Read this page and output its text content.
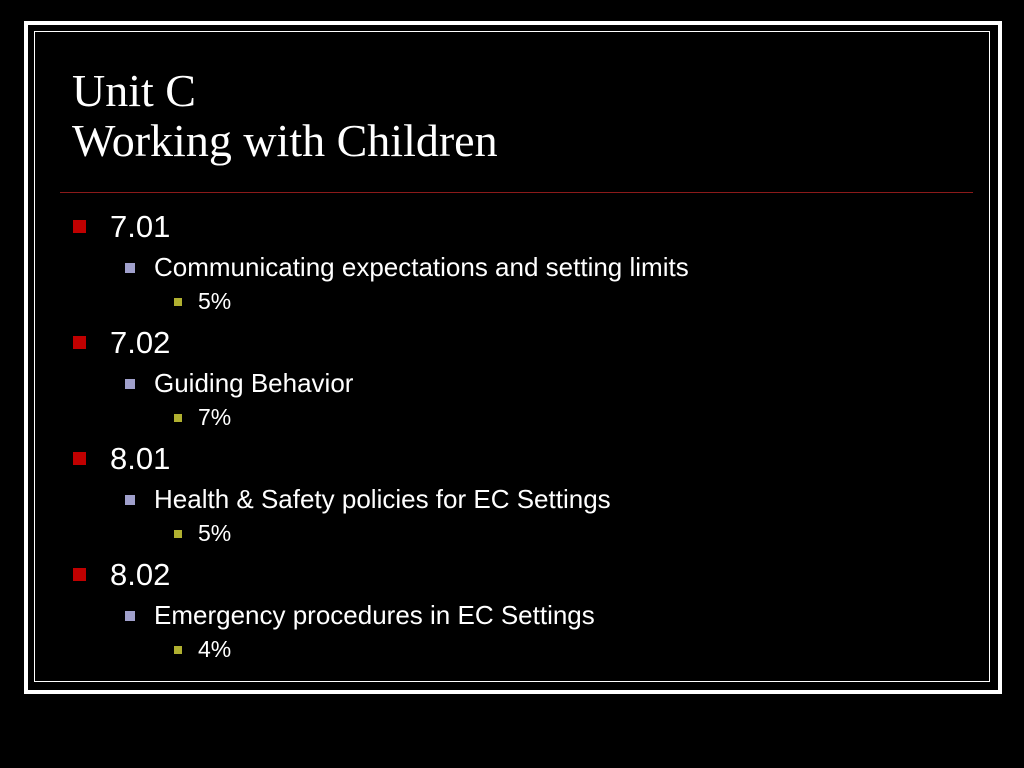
Unit C
Working with Children
7.01
Communicating expectations and setting limits
5%
7.02
Guiding Behavior
7%
8.01
Health & Safety policies for EC Settings
5%
8.02
Emergency procedures in EC Settings
4%
